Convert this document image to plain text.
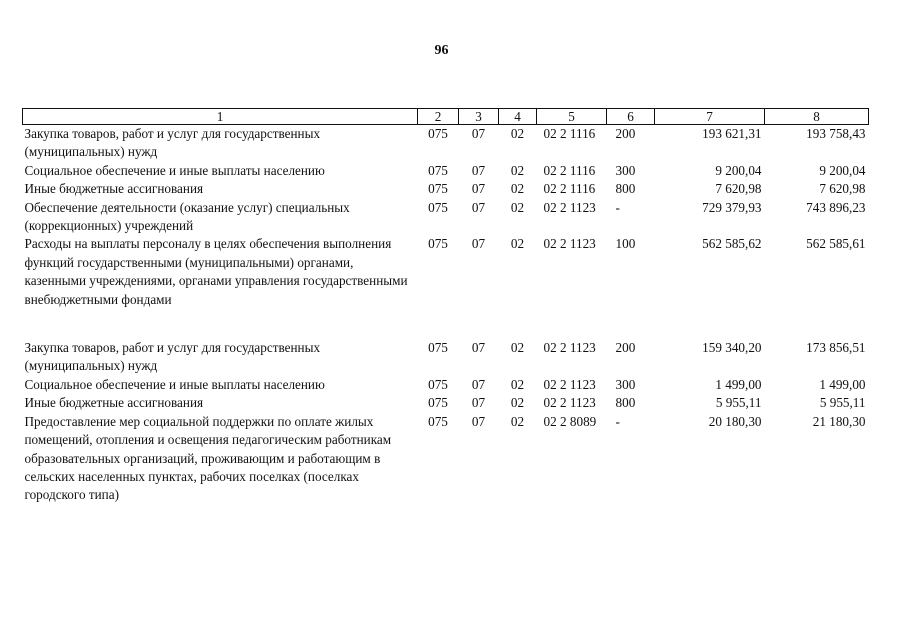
96
1	2	3	4	5	6	7	8
Закупка товаров, работ и услуг для государственных (муниципальных) нужд	075	07	02	02 2 1116	200	193 621,31	193 758,43
Социальное обеспечение и иные выплаты населению	075	07	02	02 2 1116	300	9 200,04	9 200,04
Иные бюджетные ассигнования	075	07	02	02 2 1116	800	7 620,98	7 620,98
Обеспечение деятельности (оказание услуг) специальных (коррекционных) учреждений	075	07	02	02 2 1123	-	729 379,93	743 896,23
Расходы на выплаты персоналу в целях обеспечения выполнения функций государственными (муниципальными) органами, казенными учреждениями, органами управления государственными внебюджетными фондами	075	07	02	02 2 1123	100	562 585,62	562 585,61

Закупка товаров, работ и услуг для государственных (муниципальных) нужд	075	07	02	02 2 1123	200	159 340,20	173 856,51
Социальное обеспечение и иные выплаты населению	075	07	02	02 2 1123	300	1 499,00	1 499,00
Иные бюджетные ассигнования	075	07	02	02 2 1123	800	5 955,11	5 955,11
Предоставление мер социальной поддержки по оплате жилых помещений, отопления и освещения педагогическим работникам образовательных организаций, проживающим и работающим в сельских населенных пунктах, рабочих поселках (поселках городского типа)	075	07	02	02 2 8089	-	20 180,30	21 180,30
